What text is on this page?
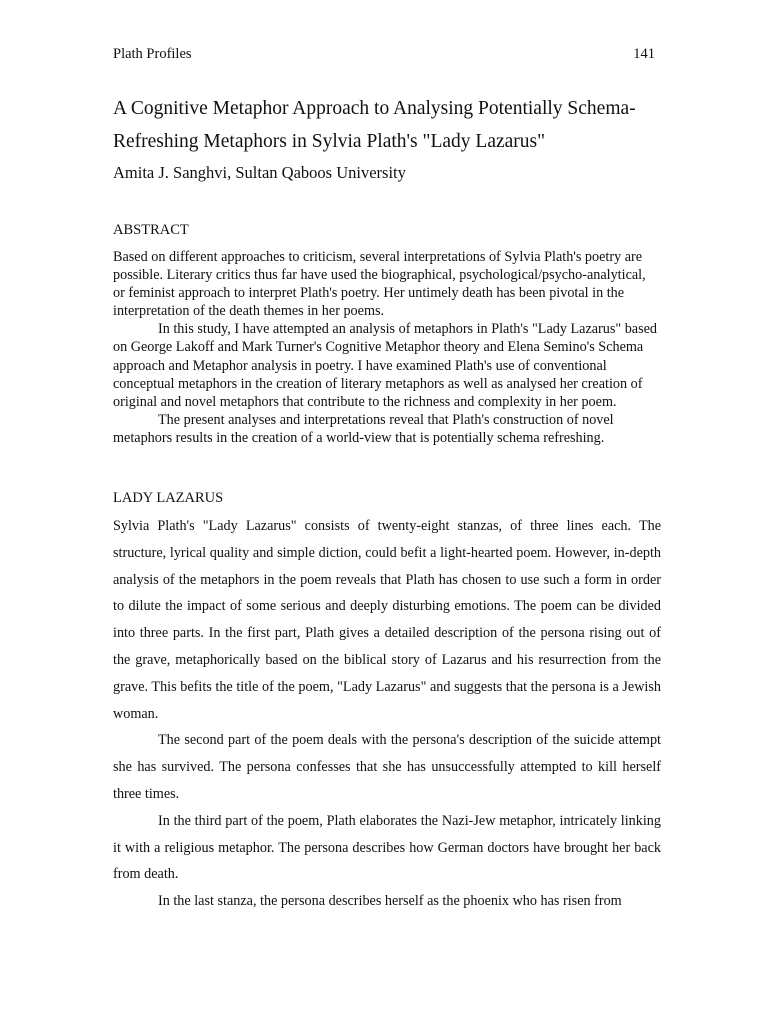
Plath Profiles	141
A Cognitive Metaphor Approach to Analysing Potentially Schema-Refreshing Metaphors in Sylvia Plath's "Lady Lazarus"
Amita J. Sanghvi, Sultan Qaboos University
ABSTRACT

Based on different approaches to criticism, several interpretations of Sylvia Plath's poetry are possible. Literary critics thus far have used the biographical, psychological/psycho-analytical, or feminist approach to interpret Plath's poetry. Her untimely death has been pivotal in the interpretation of the death themes in her poems.

In this study, I have attempted an analysis of metaphors in Plath's "Lady Lazarus" based on George Lakoff and Mark Turner's Cognitive Metaphor theory and Elena Semino's Schema approach and Metaphor analysis in poetry. I have examined Plath's use of conventional conceptual metaphors in the creation of literary metaphors as well as analysed her creation of original and novel metaphors that contribute to the richness and complexity in her poem.

The present analyses and interpretations reveal that Plath's construction of novel metaphors results in the creation of a world-view that is potentially schema refreshing.

LADY LAZARUS

Sylvia Plath's "Lady Lazarus" consists of twenty-eight stanzas, of three lines each. The structure, lyrical quality and simple diction, could befit a light-hearted poem. However, in-depth analysis of the metaphors in the poem reveals that Plath has chosen to use such a form in order to dilute the impact of some serious and deeply disturbing emotions. The poem can be divided into three parts. In the first part, Plath gives a detailed description of the persona rising out of the grave, metaphorically based on the biblical story of Lazarus and his resurrection from the grave. This befits the title of the poem, "Lady Lazarus" and suggests that the persona is a Jewish woman.

The second part of the poem deals with the persona's description of the suicide attempt she has survived. The persona confesses that she has unsuccessfully attempted to kill herself three times.

In the third part of the poem, Plath elaborates the Nazi-Jew metaphor, intricately linking it with a religious metaphor. The persona describes how German doctors have brought her back from death.

In the last stanza, the persona describes herself as the phoenix who has risen from
